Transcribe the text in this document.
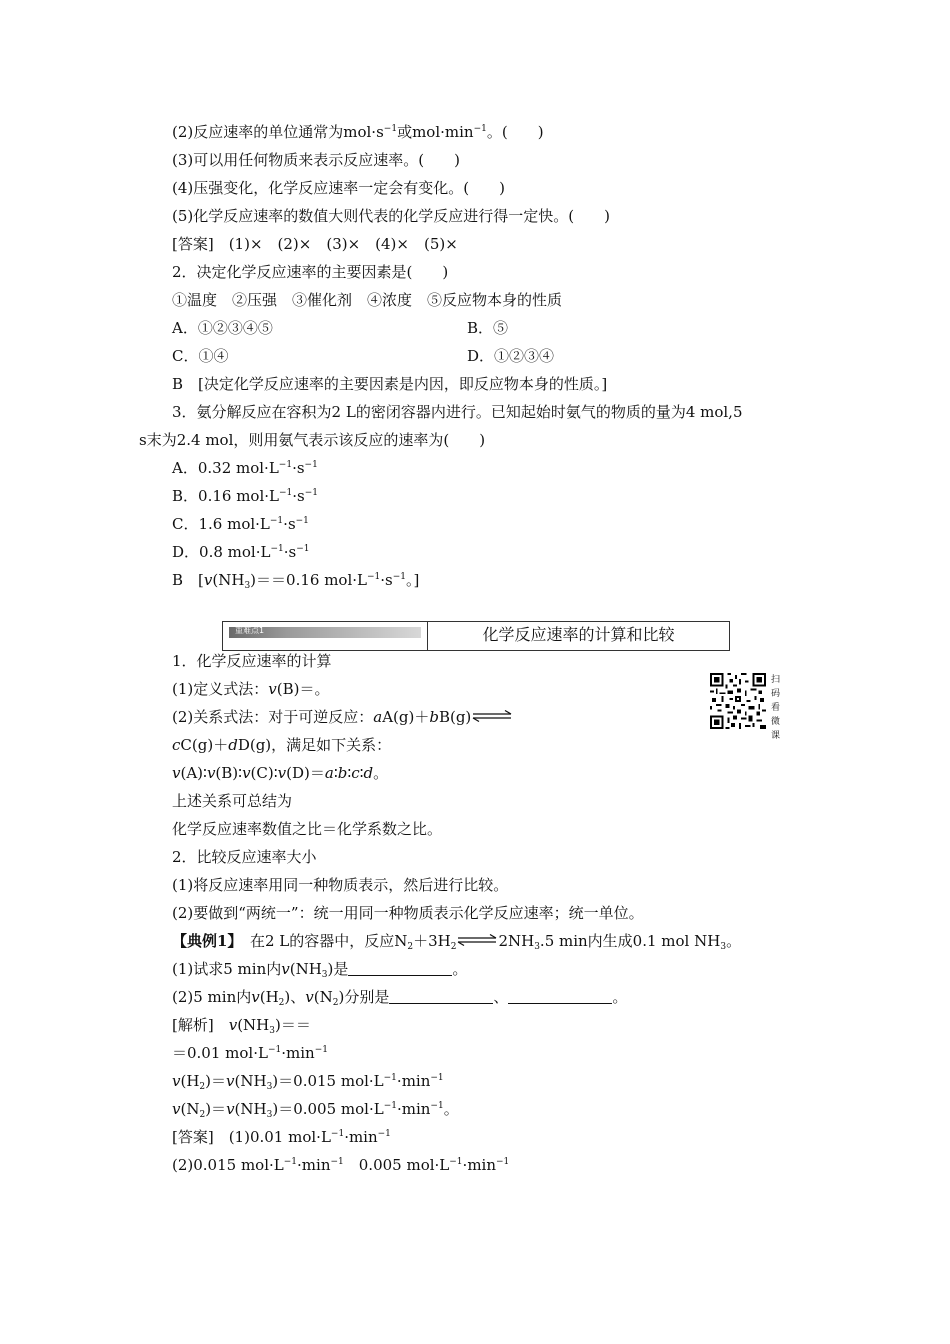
(2)反应速率的单位通常为$mol\cdot s^{-1}$或$mol\cdot\min^{-1}$。(　　)
(3)可以用任何物质来表示反应速率。(　　)
(4)压强变化，化学反应速率一定会有变化。(　　)
(5)化学反应速率的数值大则代表的化学反应进行得一定快。(　　)
[答案]　(1)×　(2)×　(3)×　(4)×　(5)×
2．决定化学反应速率的主要因素是(　　)
①温度　②压强　③催化剂　④浓度　⑤反应物本身的性质
A．①②③④⑤	B．⑤
C．①④	D．①②③④
B　[决定化学反应速率的主要因素是内因，即反应物本身的性质。]
3．氨分解反应在容积为2 L的密闭容器内进行。已知起始时氨气的物质的量为4 mol,5
s末为2.4 mol，则用氨气表示该反应的速率为(　　)
A．0.32 $mol\cdot L^{-1}\cdot s^{-1}$
B．0.16 $mol\cdot L^{-1}\cdot s^{-1}$
C．1.6 $mol\cdot L^{-1}\cdot s^{-1}$
D．0.8 $mol\cdot L^{-1}\cdot s^{-1}$
B　[$v(NH_3)==0.16$ $mol\cdot L^{-1}\cdot s^{-1}$。]
重难点1	化学反应速率的计算和比较
扫码看微课
1．化学反应速率的计算
(1)定义式法：v(B)＝。
(2)关系式法：对于可逆反应：aA(g)＋bB(g)⇌
cC(g)＋dD(g)，满足如下关系：
v(A)∶v(B)∶v(C)∶v(D)＝a∶b∶c∶d。
上述关系可总结为
化学反应速率数值之比＝化学系数之比。
2．比较反应速率大小
(1)将反应速率用同一种物质表示，然后进行比较。
(2)要做到“两统一”：统一用同一种物质表示化学反应速率；统一单位。
【典例1】　在2 L的容器中，反应$N_2+3H_2$ $\rightleftharpoons 2NH_3.5$ min内生成0.1 mol $NH_3$。
(1)试求5 min内$v(NH_3)$是	。
(2)5 min内$v(H_2)$、$v(N_2)$分别是	、	。
[解析]　$v(NH_3)==$
＝0.01 $mol\cdot L^{-1}\cdot\min^{-1}$
$v(H_2)=v(NH_3)=0.015$ $mol\cdot L^{-1}\cdot\min^{-1}$
$v(N_2)=v(NH_3)=0.005$ $mol\cdot L^{-1}\cdot\min^{-1}$。
[答案]　(1)0.01 $mol\cdot L^{-1}\cdot\min^{-1}$
(2)0.015 $mol\cdot L^{-1}\cdot\min^{-1}$　0.005 $mol\cdot L^{-1}\cdot\min^{-1}$
